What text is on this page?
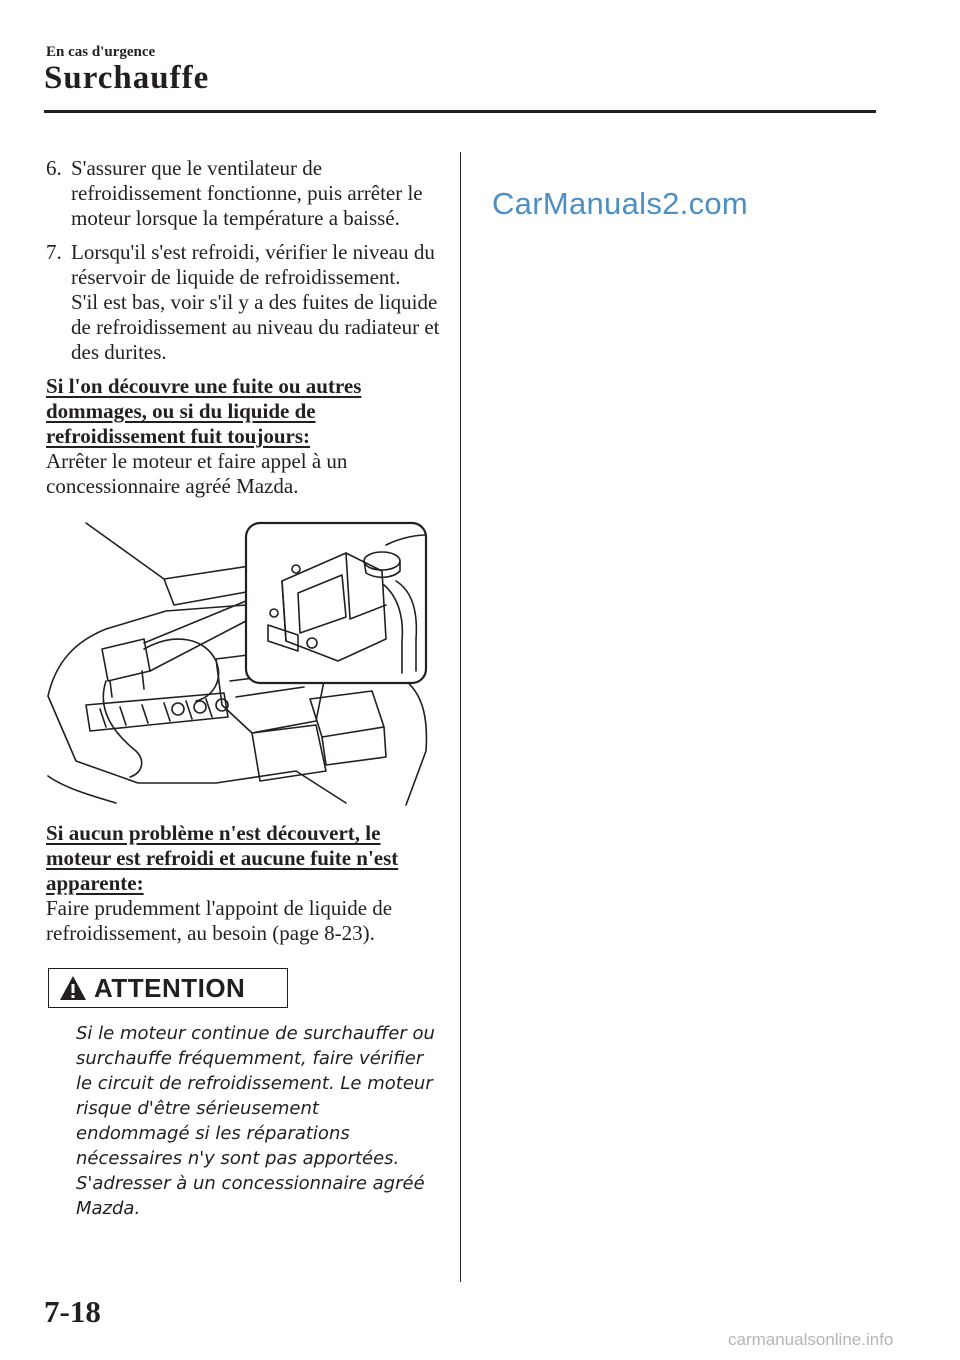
En cas d'urgence
Surchauffe
6. S'assurer que le ventilateur de refroidissement fonctionne, puis arrêter le moteur lorsque la température a baissé.

7. Lorsqu'il s'est refroidi, vérifier le niveau du réservoir de liquide de refroidissement.

S'il est bas, voir s'il y a des fuites de liquide de refroidissement au niveau du radiateur et des durites.

Si l'on découvre une fuite ou autres dommages, ou si du liquide de refroidissement fuit toujours:

Arrêter le moteur et faire appel à un concessionnaire agréé Mazda.

Si aucun problème n'est découvert, le moteur est refroidi et aucune fuite n'est apparente:

Faire prudemment l'appoint de liquide de refroidissement, au besoin (page 8-23).

ATTENTION
Si le moteur continue de surchauffer ou surchauffe fréquemment, faire vérifier le circuit de refroidissement. Le moteur risque d'être sérieusement endommagé si les réparations nécessaires n'y sont pas apportées. S'adresser à un concessionnaire agréé Mazda.
CarManuals2.com
7-18
carmanualsonline.info
